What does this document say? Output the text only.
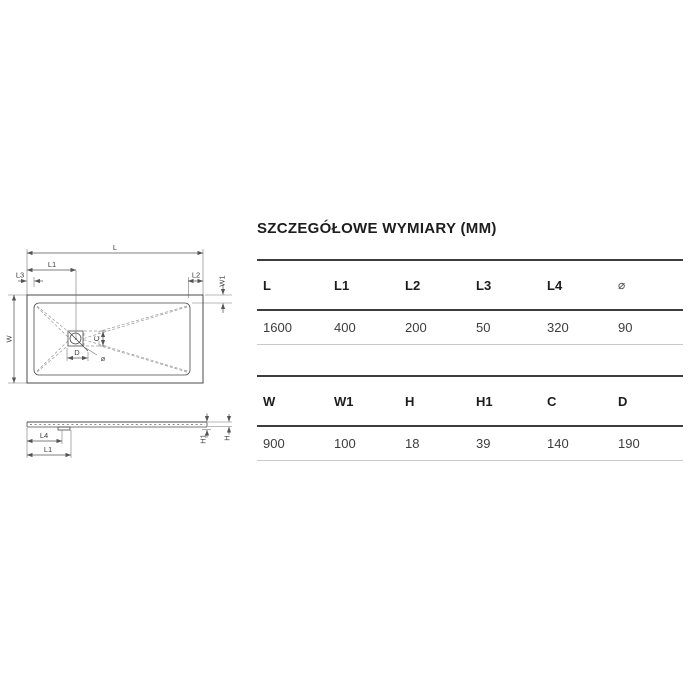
L
L1
L3	L2
W1
W	C
D
⌀
L4
L1
H1 H
SZCZEGÓŁOWE WYMIARY (MM)
L	L1	L2	L3	L4	⌀
1600	400	200	50	320	90
W	W1	H	H1	C	D
900	100	18	39	140	190
